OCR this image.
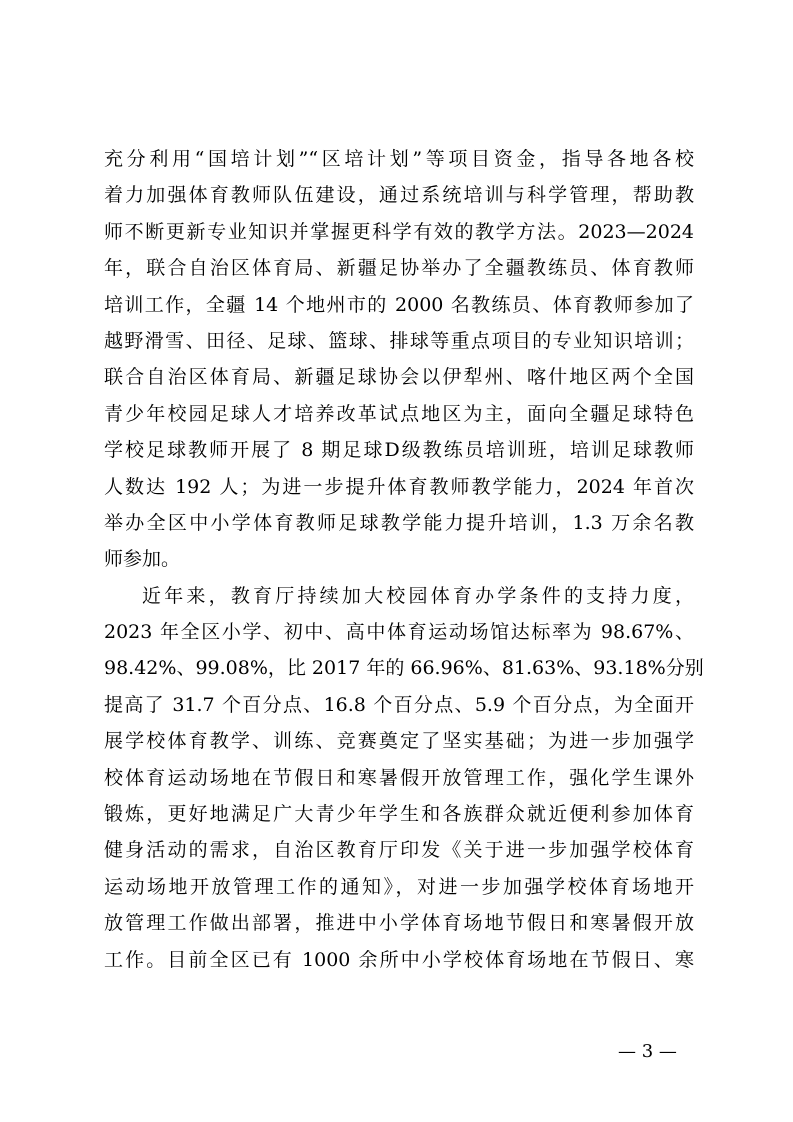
充分利用“国培计划”“区培计划”等项目资金，指导各地各校
着力加强体育教师队伍建设，通过系统培训与科学管理，帮助教
师不断更新专业知识并掌握更科学有效的教学方法。2023—2024
年，联合自治区体育局、新疆足协举办了全疆教练员、体育教师
培训工作，全疆 14 个地州市的 2000 名教练员、体育教师参加了
越野滑雪、田径、足球、篮球、排球等重点项目的专业知识培训；
联合自治区体育局、新疆足球协会以伊犁州、喀什地区两个全国
青少年校园足球人才培养改革试点地区为主，面向全疆足球特色
学校足球教师开展了 8 期足球D级教练员培训班，培训足球教师
人数达 192 人；为进一步提升体育教师教学能力，2024 年首次
举办全区中小学体育教师足球教学能力提升培训，1.3 万余名教
师参加。
近年来，教育厅持续加大校园体育办学条件的支持力度，
2023 年全区小学、初中、高中体育运动场馆达标率为 98.67%、
98.42%、99.08%，比 2017 年的 66.96%、81.63%、93.18%分别
提高了 31.7 个百分点、16.8 个百分点、5.9 个百分点，为全面开
展学校体育教学、训练、竞赛奠定了坚实基础；为进一步加强学
校体育运动场地在节假日和寒暑假开放管理工作，强化学生课外
锻炼，更好地满足广大青少年学生和各族群众就近便利参加体育
健身活动的需求，自治区教育厅印发《关于进一步加强学校体育
运动场地开放管理工作的通知》，对进一步加强学校体育场地开
放管理工作做出部署，推进中小学体育场地节假日和寒暑假开放
工作。目前全区已有 1000 余所中小学校体育场地在节假日、寒
— 3 —
